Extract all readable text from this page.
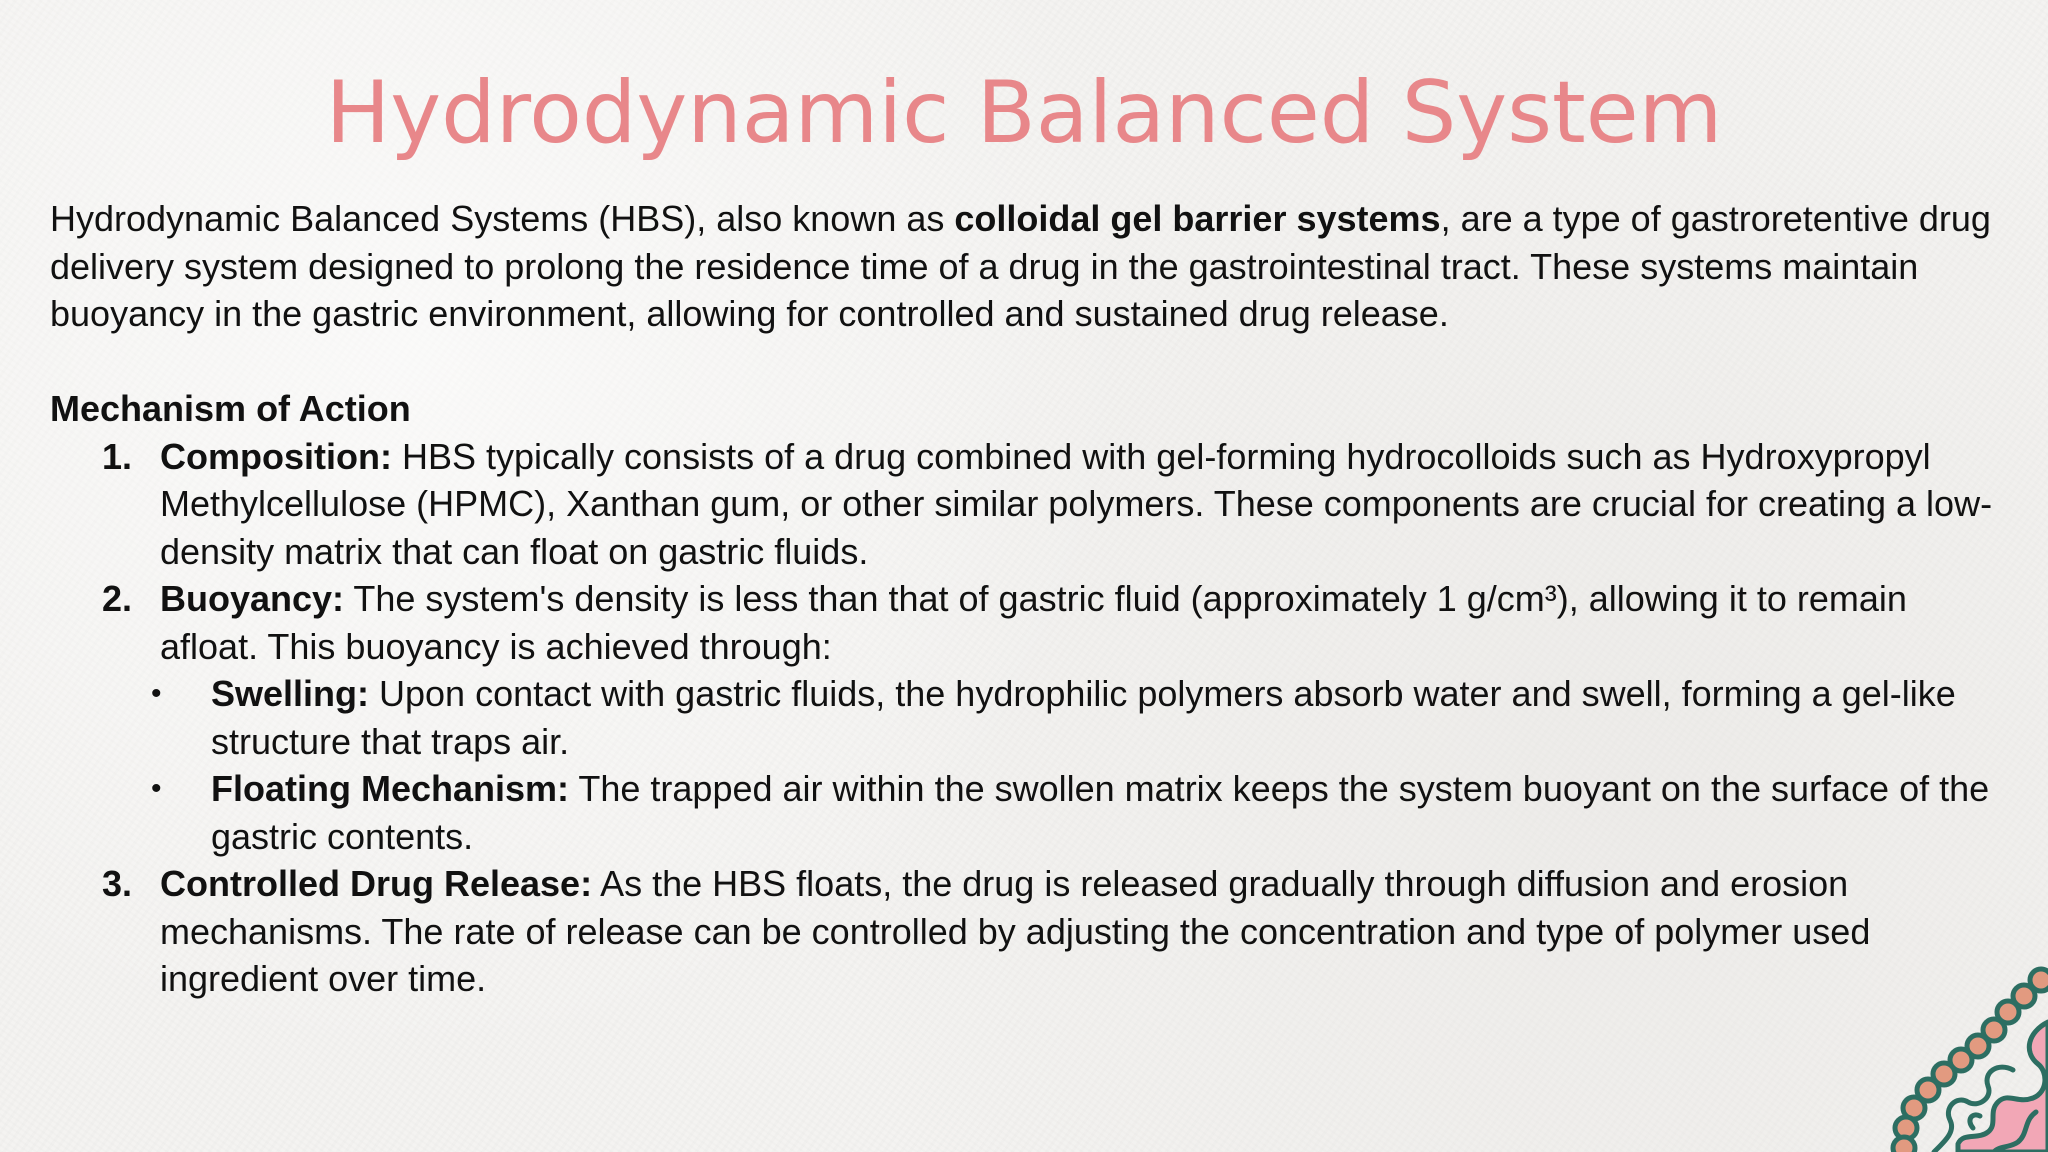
Hydrodynamic Balanced System

Hydrodynamic Balanced Systems (HBS), also known as colloidal gel barrier systems, are a type of gastroretentive drug delivery system designed to prolong the residence time of a drug in the gastrointestinal tract. These systems maintain buoyancy in the gastric environment, allowing for controlled and sustained drug release.

Mechanism of Action

1. Composition: HBS typically consists of a drug combined with gel-forming hydrocolloids such as Hydroxypropyl Methylcellulose (HPMC), Xanthan gum, or other similar polymers. These components are crucial for creating a low-density matrix that can float on gastric fluids.
2. Buoyancy: The system's density is less than that of gastric fluid (approximately 1 g/cm³), allowing it to remain afloat. This buoyancy is achieved through:
• Swelling: Upon contact with gastric fluids, the hydrophilic polymers absorb water and swell, forming a gel-like structure that traps air.
• Floating Mechanism: The trapped air within the swollen matrix keeps the system buoyant on the surface of the gastric contents.
3. Controlled Drug Release: As the HBS floats, the drug is released gradually through diffusion and erosion mechanisms. The rate of release can be controlled by adjusting the concentration and type of polymer used ingredient over time.
